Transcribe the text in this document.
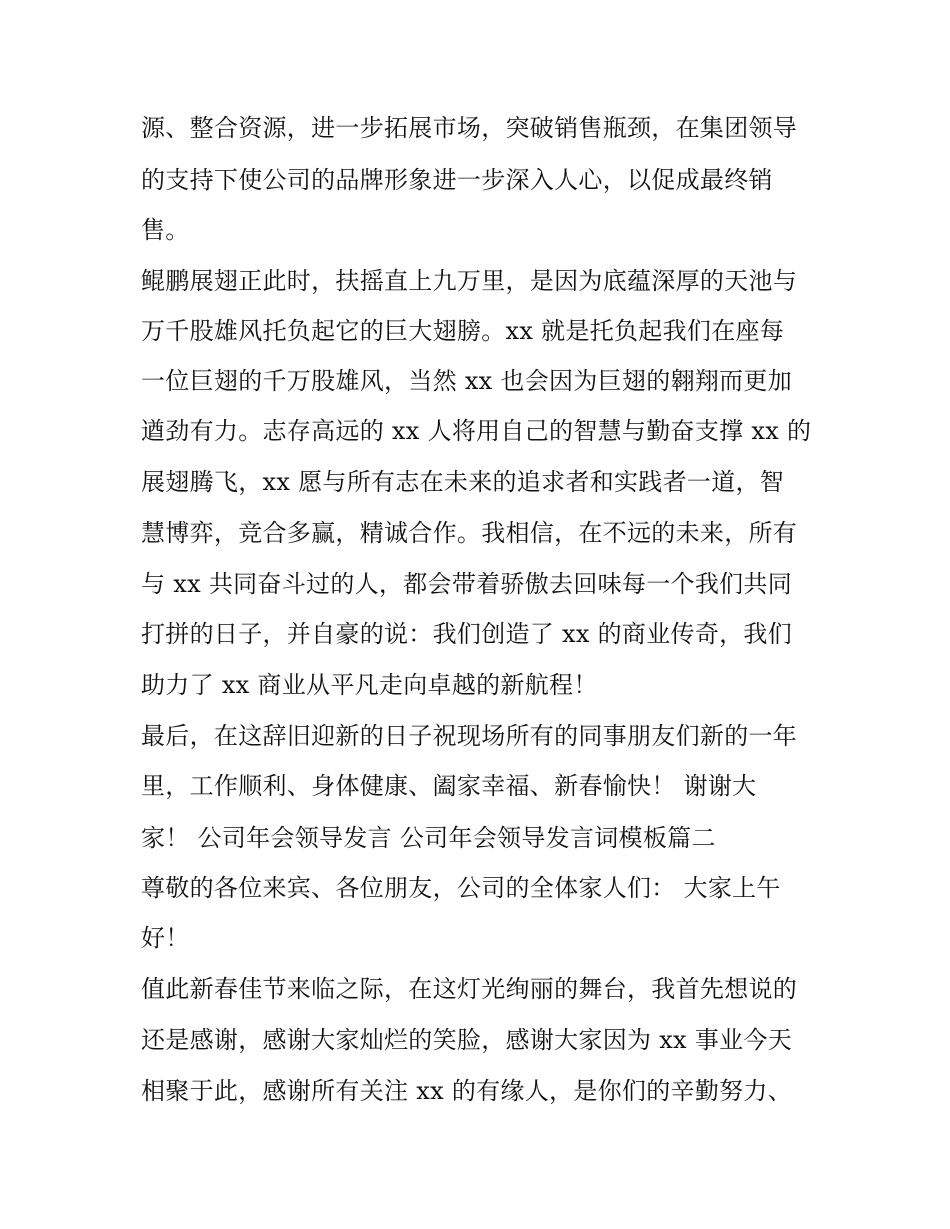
源、整合资源，进一步拓展市场，突破销售瓶颈，在集团领导
的支持下使公司的品牌形象进一步深入人心，以促成最终销
售。
鲲鹏展翅正此时，扶摇直上九万里，是因为底蕴深厚的天池与
万千股雄风托负起它的巨大翅膀。xx 就是托负起我们在座每
一位巨翅的千万股雄风，当然 xx 也会因为巨翅的翱翔而更加
遒劲有力。志存高远的 xx 人将用自己的智慧与勤奋支撑 xx 的
展翅腾飞，xx 愿与所有志在未来的追求者和实践者一道，智
慧博弈，竞合多赢，精诚合作。我相信，在不远的未来，所有
与 xx 共同奋斗过的人，都会带着骄傲去回味每一个我们共同
打拼的日子，并自豪的说：我们创造了 xx 的商业传奇，我们
助力了 xx 商业从平凡走向卓越的新航程！
最后，在这辞旧迎新的日子祝现场所有的同事朋友们新的一年
里，工作顺利、身体健康、阖家幸福、新春愉快！ 谢谢大
家！ 公司年会领导发言 公司年会领导发言词模板篇二
尊敬的各位来宾、各位朋友，公司的全体家人们： 大家上午
好！
值此新春佳节来临之际，在这灯光绚丽的舞台，我首先想说的
还是感谢，感谢大家灿烂的笑脸，感谢大家因为 xx 事业今天
相聚于此，感谢所有关注 xx 的有缘人，是你们的辛勤努力、
